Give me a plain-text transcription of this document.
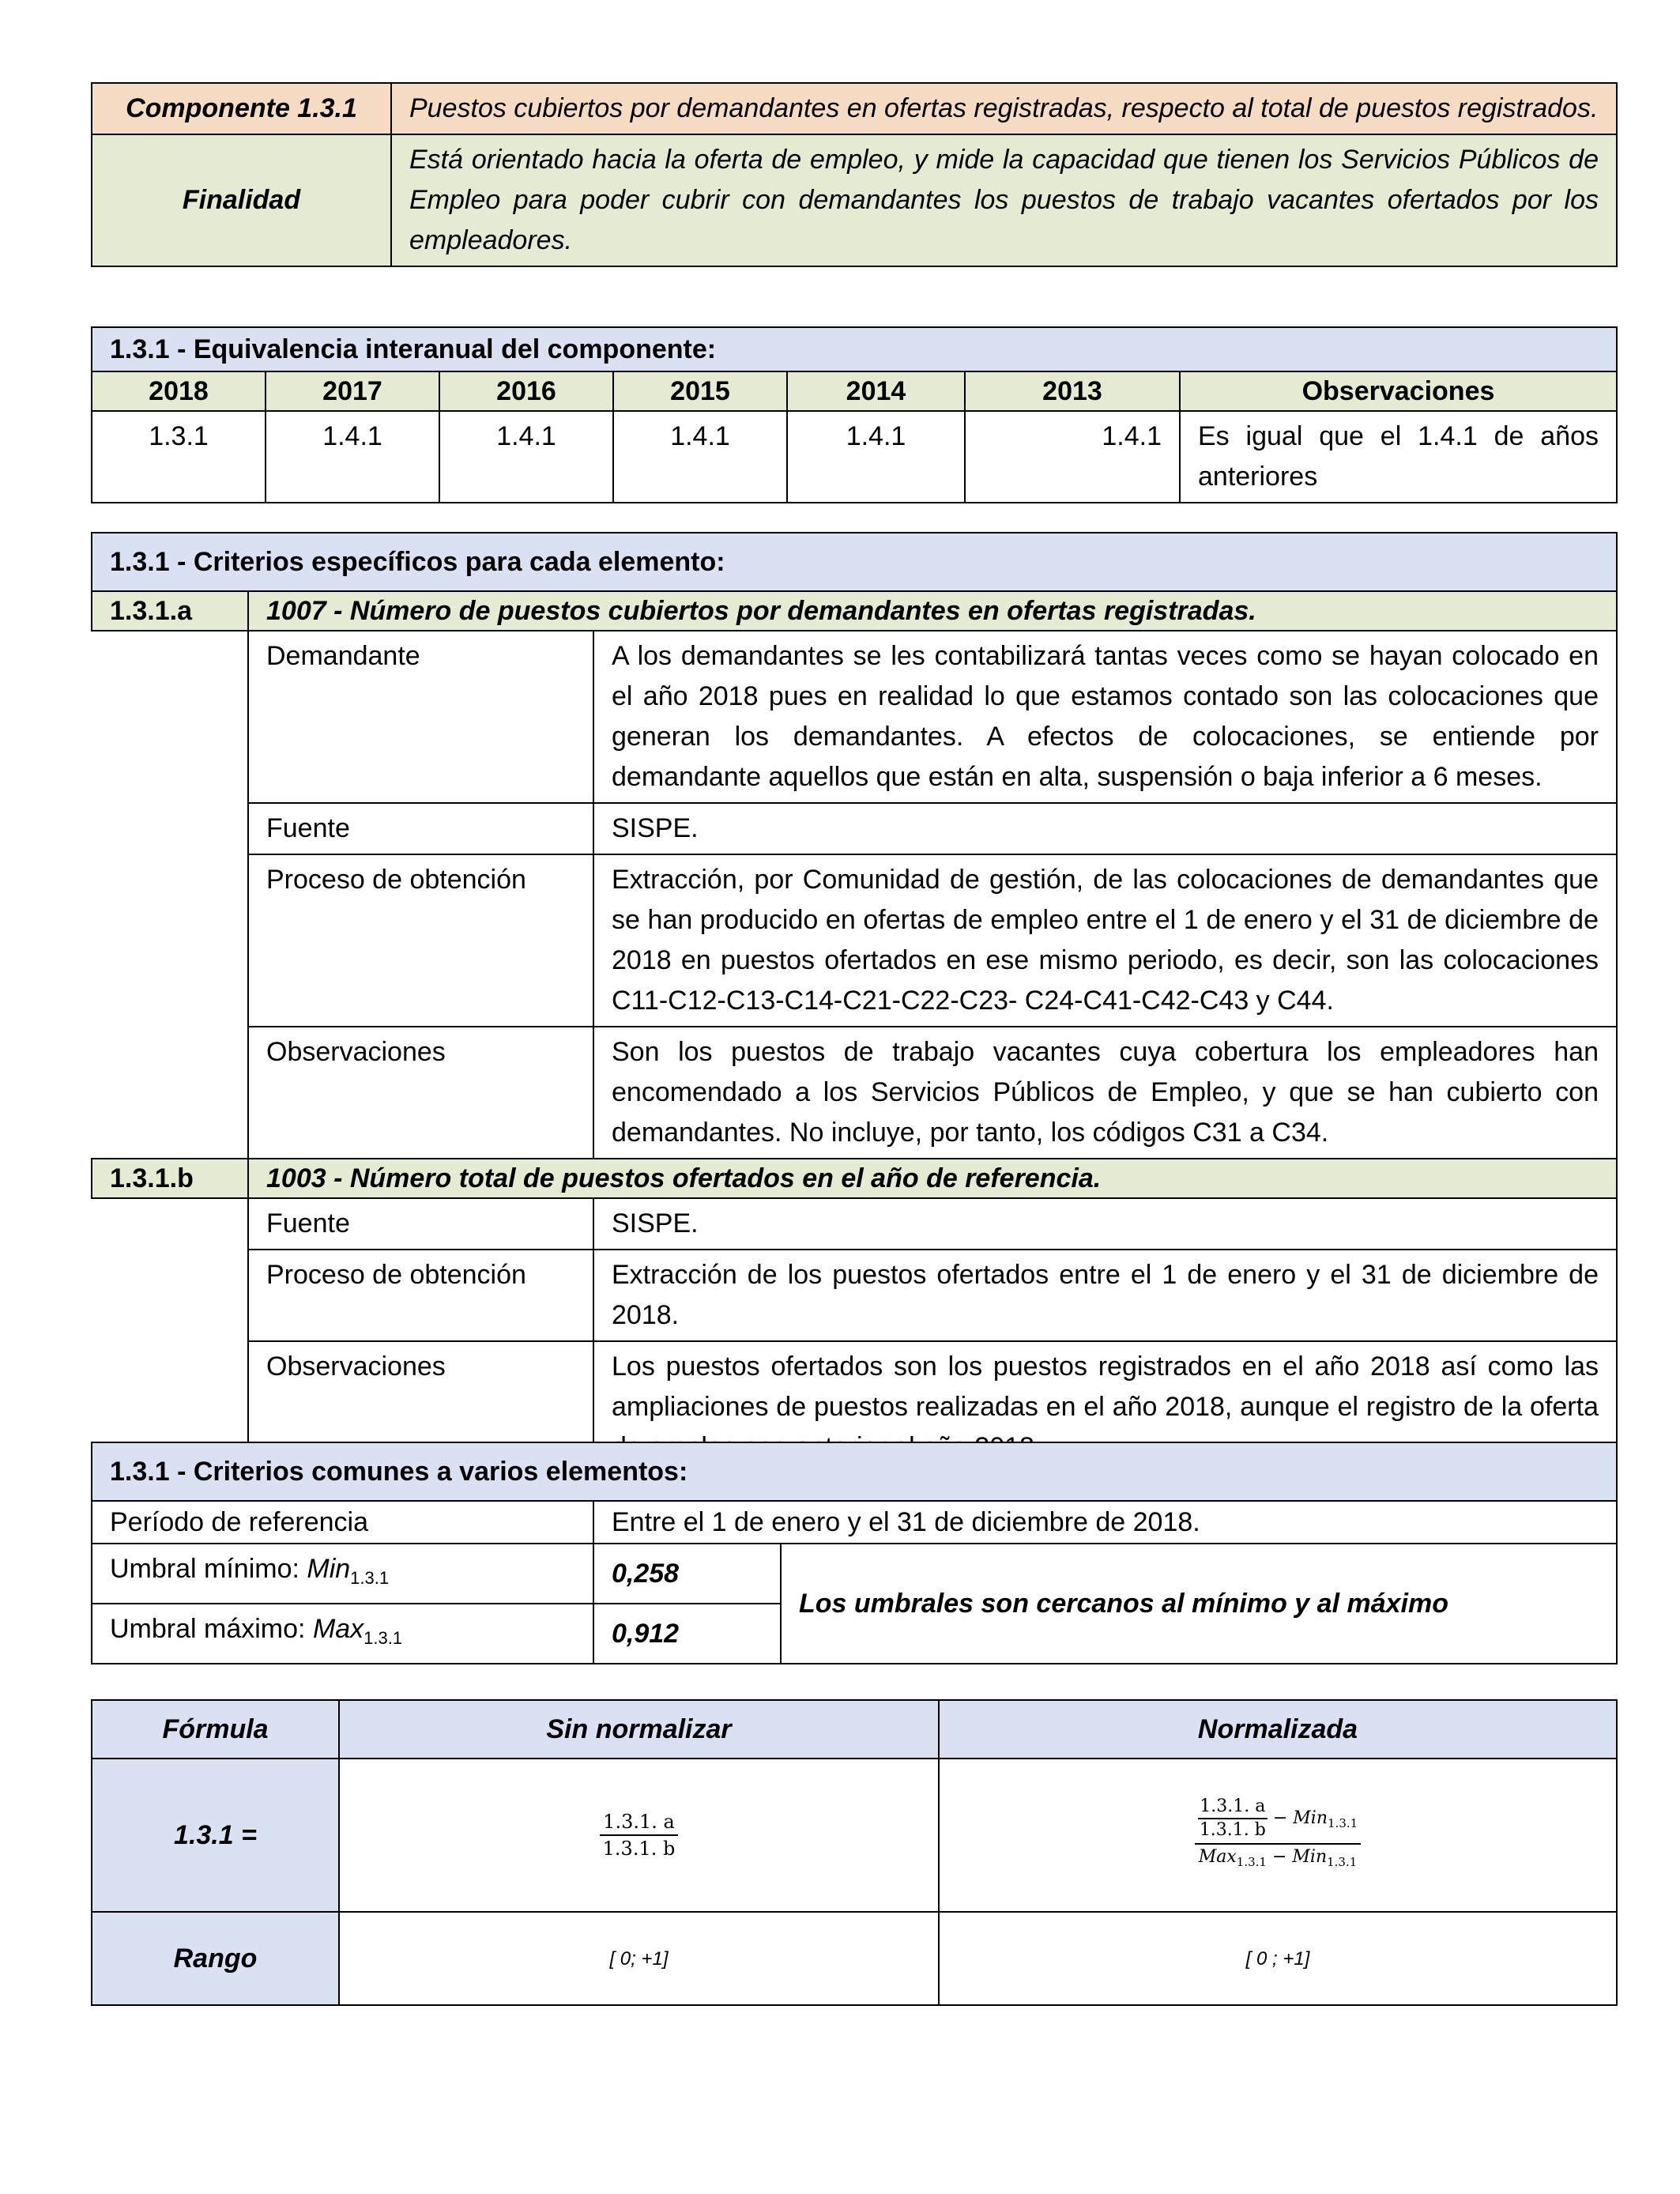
Componente 1.3.1	Puestos cubiertos por demandantes en ofertas registradas, respecto al total de puestos registrados.
Finalidad	Está orientado hacia la oferta de empleo, y mide la capacidad que tienen los Servicios Públicos de Empleo para poder cubrir con demandantes los puestos de trabajo vacantes ofertados por los empleadores.
1.3.1 - Equivalencia interanual del componente:						
2018	2017	2016	2015	2014	2013	Observaciones
1.3.1	1.4.1	1.4.1	1.4.1	1.4.1	1.4.1	Es igual que el 1.4.1 de años anteriores
1.3.1 - Criterios específicos para cada elemento:		
1.3.1.a	1007 - Número de puestos cubiertos por demandantes en ofertas registradas.	
	Demandante	A los demandantes se les contabilizará tantas veces como se hayan colocado en el año 2018 pues en realidad lo que estamos contado son las colocaciones que generan los demandantes. A efectos de colocaciones, se entiende por demandante aquellos que están en alta, suspensión o baja inferior a 6 meses.
	Fuente	SISPE.
	Proceso de obtención	Extracción, por Comunidad de gestión, de las colocaciones de demandantes que se han producido en ofertas de empleo entre el 1 de enero y el 31 de diciembre de 2018 en puestos ofertados en ese mismo periodo, es decir, son las colocaciones C11-C12-C13-C14-C21-C22-C23- C24-C41-C42-C43 y C44.
	Observaciones	Son los puestos de trabajo vacantes cuya cobertura los empleadores han encomendado a los Servicios Públicos de Empleo, y que se han cubierto con demandantes. No incluye, por tanto, los códigos C31 a C34.
1.3.1.b	1003 - Número total de puestos ofertados en el año de referencia.	
	Fuente	SISPE.
	Proceso de obtención	Extracción de los puestos ofertados entre el 1 de enero y el 31 de diciembre de 2018.
	Observaciones	Los puestos ofertados son los puestos registrados en el año 2018 así como las ampliaciones de puestos realizadas en el año 2018, aunque el registro de la oferta
1.3.1 - Criterios comunes a varios elementos:		
Período de referencia	Entre el 1 de enero y el 31 de diciembre de 2018.	
Umbral mínimo: Min$_{1.3.1}$	0,258	Los umbrales son cercanos al mínimo y al máximo
Umbral máximo: Max$_{1.3.1}$	0,912	
Fórmula	Sin normalizar	Normalizada
1.3.1 =	$\frac{1.3.1. a}{1.3.1. b}$	$\frac{1.3.1. a}{1.3.1. b} - Min_{1.3.1}$
Max$_{1.3.1}$ − Min$_{1.3.1}$

Rango	[ 0; +1]	[ 0 ; +1]
